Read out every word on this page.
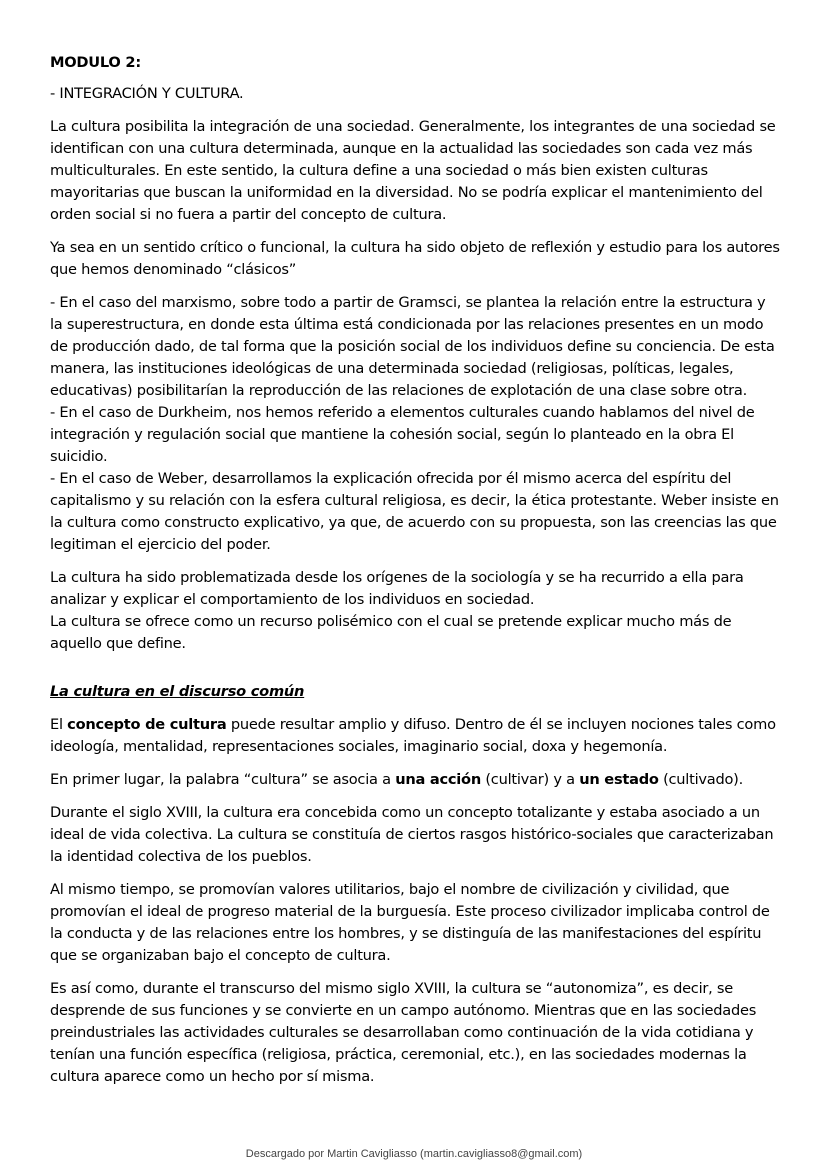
MODULO 2:

- INTEGRACIÓN Y CULTURA.

La cultura posibilita la integración de una sociedad. Generalmente, los integrantes de una sociedad se identifican con una cultura determinada, aunque en la actualidad las sociedades son cada vez más multiculturales. En este sentido, la cultura define a una sociedad o más bien existen culturas mayoritarias que buscan la uniformidad en la diversidad. No se podría explicar el mantenimiento del orden social si no fuera a partir del concepto de cultura.

Ya sea en un sentido crítico o funcional, la cultura ha sido objeto de reflexión y estudio para los autores que hemos denominado “clásicos”

- En el caso del marxismo, sobre todo a partir de Gramsci, se plantea la relación entre la estructura y la superestructura, en donde esta última está condicionada por las relaciones presentes en un modo de producción dado, de tal forma que la posición social de los individuos define su conciencia. De esta manera, las instituciones ideológicas de una determinada sociedad (religiosas, políticas, legales, educativas) posibilitarían la reproducción de las relaciones de explotación de una clase sobre otra.

- En el caso de Durkheim, nos hemos referido a elementos culturales cuando hablamos del nivel de integración y regulación social que mantiene la cohesión social, según lo planteado en la obra El suicidio.

- En el caso de Weber, desarrollamos la explicación ofrecida por él mismo acerca del espíritu del capitalismo y su relación con la esfera cultural religiosa, es decir, la ética protestante. Weber insiste en la cultura como constructo explicativo, ya que, de acuerdo con su propuesta, son las creencias las que legitiman el ejercicio del poder.

La cultura ha sido problematizada desde los orígenes de la sociología y se ha recurrido a ella para analizar y explicar el comportamiento de los individuos en sociedad.

La cultura se ofrece como un recurso polisémico con el cual se pretende explicar mucho más de aquello que define.

La cultura en el discurso común

El concepto de cultura puede resultar amplio y difuso. Dentro de él se incluyen nociones tales como ideología, mentalidad, representaciones sociales, imaginario social, doxa y hegemonía.

En primer lugar, la palabra “cultura” se asocia a una acción (cultivar) y a un estado (cultivado).

Durante el siglo XVIII, la cultura era concebida como un concepto totalizante y estaba asociado a un ideal de vida colectiva. La cultura se constituía de ciertos rasgos histórico-sociales que caracterizaban la identidad colectiva de los pueblos.

Al mismo tiempo, se promovían valores utilitarios, bajo el nombre de civilización y civilidad, que promovían el ideal de progreso material de la burguesía. Este proceso civilizador implicaba control de la conducta y de las relaciones entre los hombres, y se distinguía de las manifestaciones del espíritu que se organizaban bajo el concepto de cultura.

Es así como, durante el transcurso del mismo siglo XVIII, la cultura se “autonomiza”, es decir, se desprende de sus funciones y se convierte en un campo autónomo. Mientras que en las sociedades preindustriales las actividades culturales se desarrollaban como continuación de la vida cotidiana y tenían una función específica (religiosa, práctica, ceremonial, etc.), en las sociedades modernas la cultura aparece como un hecho por sí misma.

Descargado por Martin Cavigliasso (martin.cavigliasso8@gmail.com)
